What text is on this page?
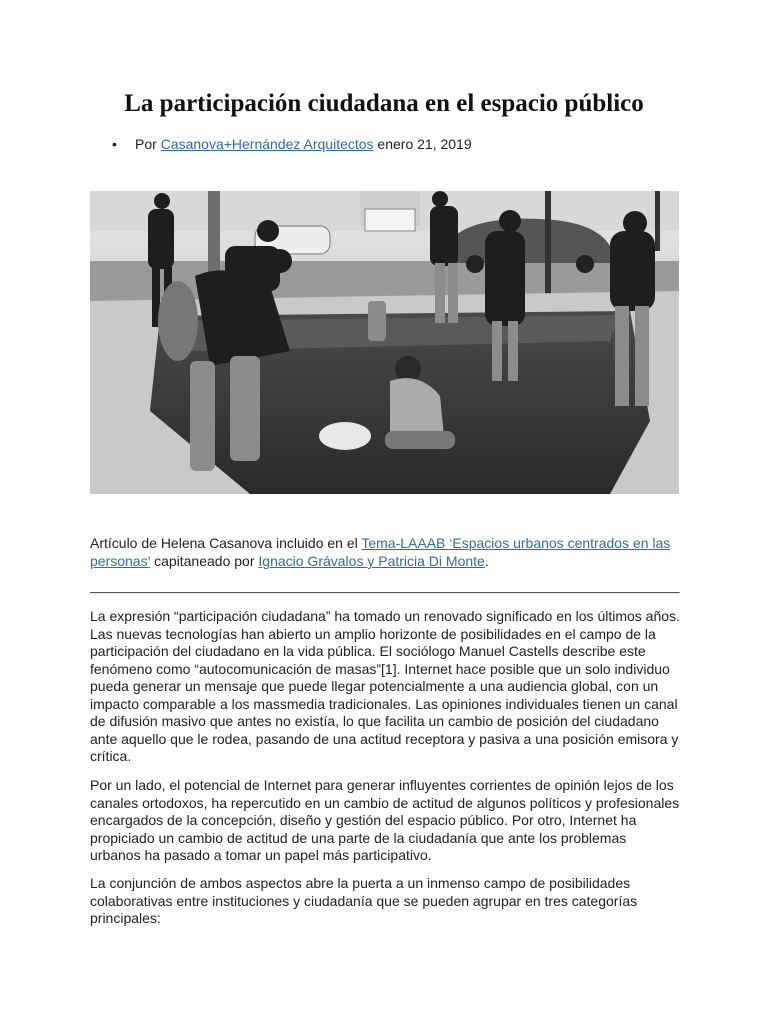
La participación ciudadana en el espacio público
• Por Casanova+Hernández Arquitectos enero 21, 2019

Artículo de Helena Casanova incluido en el Tema-LAAAB ‘Espacios urbanos centrados en las personas’ capitaneado por Ignacio Grávalos y Patricia Di Monte.

La expresión “participación ciudadana” ha tomado un renovado significado en los últimos años. Las nuevas tecnologías han abierto un amplio horizonte de posibilidades en el campo de la participación del ciudadano en la vida pública. El sociólogo Manuel Castells describe este fenómeno como “autocomunicación de masas”[1]. Internet hace posible que un solo individuo pueda generar un mensaje que puede llegar potencialmente a una audiencia global, con un impacto comparable a los massmedia tradicionales. Las opiniones individuales tienen un canal de difusión masivo que antes no existía, lo que facilita un cambio de posición del ciudadano ante aquello que le rodea, pasando de una actitud receptora y pasiva a una posición emisora y crítica.

Por un lado, el potencial de Internet para generar influyentes corrientes de opinión lejos de los canales ortodoxos, ha repercutido en un cambio de actitud de algunos políticos y profesionales encargados de la concepción, diseño y gestión del espacio público. Por otro, Internet ha propiciado un cambio de actitud de una parte de la ciudadanía que ante los problemas urbanos ha pasado a tomar un papel más participativo.

La conjunción de ambos aspectos abre la puerta a un inmenso campo de posibilidades colaborativas entre instituciones y ciudadanía que se pueden agrupar en tres categorías principales:
